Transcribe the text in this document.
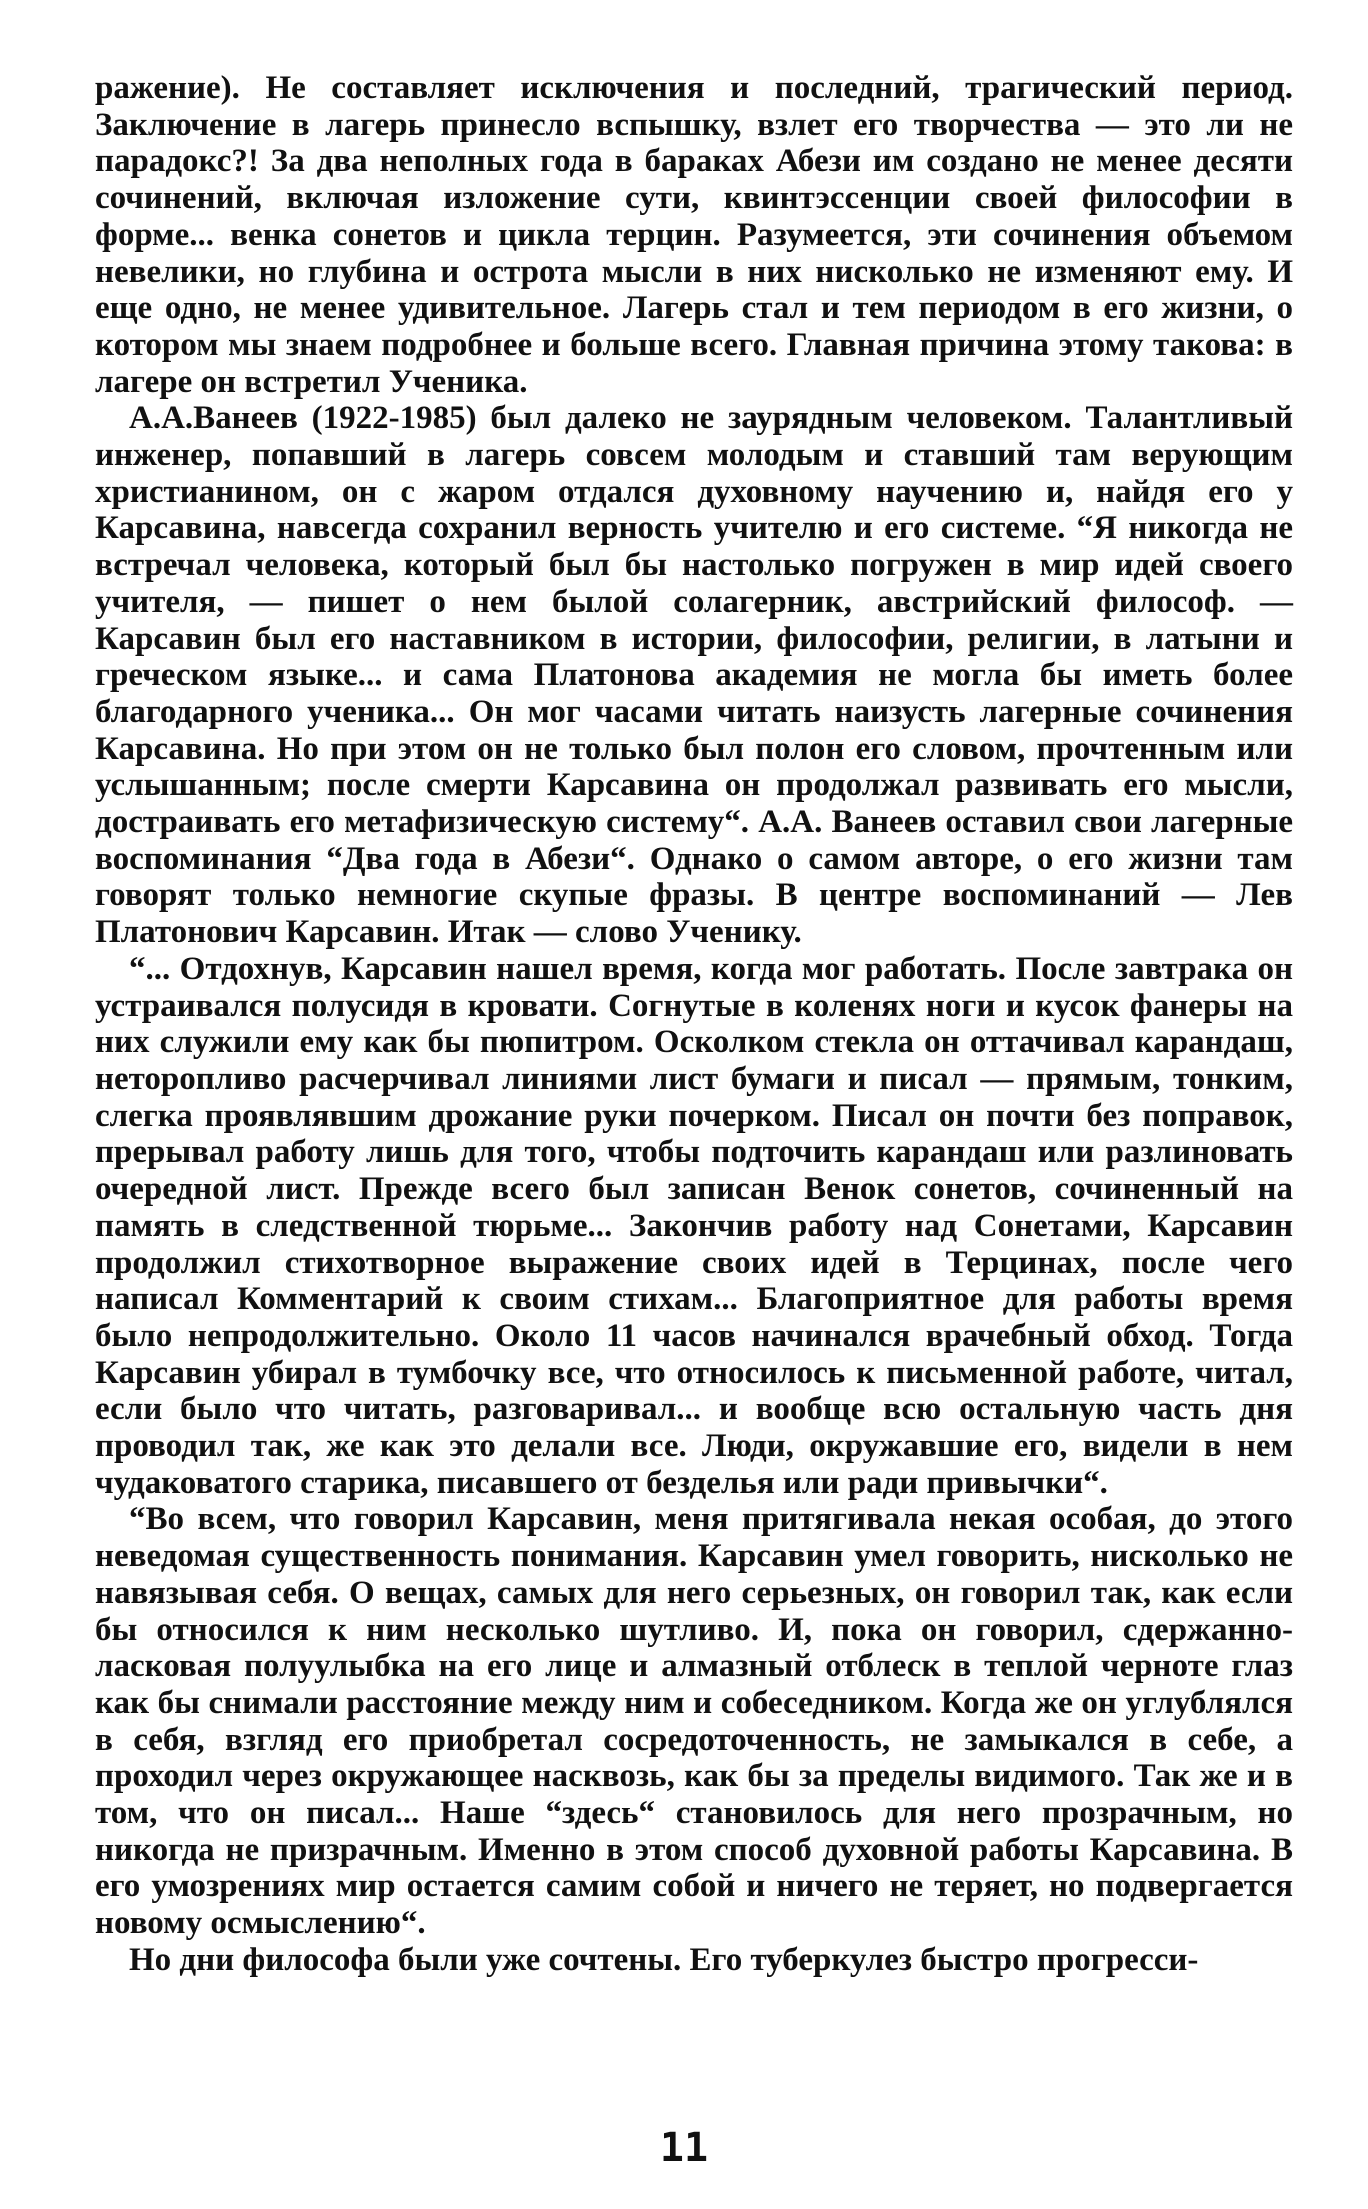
ражение). Не составляет исключения и последний, трагический период. Заключение в лагерь принесло вспышку, взлет его творчества — это ли не парадокс?! За два неполных года в бараках Абези им создано не менее десяти сочинений, включая изложение сути, квинтэссенции своей философии в форме... венка сонетов и цикла терцин. Разумеется, эти сочинения объемом невелики, но глубина и острота мысли в них нисколько не изменяют ему. И еще одно, не менее удивительное. Лагерь стал и тем периодом в его жизни, о котором мы знаем подробнее и больше всего. Главная причина этому такова: в лагере он встретил Ученика.

А.А.Ванеев (1922-1985) был далеко не заурядным человеком. Талантливый инженер, попавший в лагерь совсем молодым и ставший там верующим христианином, он с жаром отдался духовному научению и, найдя его у Карсавина, навсегда сохранил верность учителю и его системе. “Я никогда не встречал человека, который был бы настолько погружен в мир идей своего учителя, — пишет о нем былой солагерник, австрийский философ. — Карсавин был его наставником в истории, философии, религии, в латыни и греческом языке... и сама Платонова академия не могла бы иметь более благодарного ученика... Он мог часами читать наизусть лагерные сочинения Карсавина. Но при этом он не только был полон его словом, прочтенным или услышанным; после смерти Карсавина он продолжал развивать его мысли, достраивать его метафизическую систему“. А.А. Ванеев оставил свои лагерные воспоминания “Два года в Абези“. Однако о самом авторе, о его жизни там говорят только немногие скупые фразы. В центре воспоминаний — Лев Платонович Карсавин. Итак — слово Ученику.

“... Отдохнув, Карсавин нашел время, когда мог работать. После завтрака он устраивался полусидя в кровати. Согнутые в коленях ноги и кусок фанеры на них служили ему как бы пюпитром. Осколком стекла он оттачивал карандаш, неторопливо расчерчивал линиями лист бумаги и писал — прямым, тонким, слегка проявлявшим дрожание руки почерком. Писал он почти без поправок, прерывал работу лишь для того, чтобы подточить карандаш или разлиновать очередной лист. Прежде всего был записан Венок сонетов, сочиненный на память в следственной тюрьме... Закончив работу над Сонетами, Карсавин продолжил стихотворное выражение своих идей в Терцинах, после чего написал Комментарий к своим стихам... Благоприятное для работы время было непродолжительно. Около 11 часов начинался врачебный обход. Тогда Карсавин убирал в тумбочку все, что относилось к письменной работе, читал, если было что читать, разговаривал... и вообще всю остальную часть дня проводил так, же как это делали все. Люди, окружавшие его, видели в нем чудаковатого старика, писавшего от безделья или ради привычки“.

“Во всем, что говорил Карсавин, меня притягивала некая особая, до этого неведомая существенность понимания. Карсавин умел говорить, нисколько не навязывая себя. О вещах, самых для него серьезных, он говорил так, как если бы относился к ним несколько шутливо. И, пока он говорил, сдержанно-ласковая полуулыбка на его лице и алмазный отблеск в теплой черноте глаз как бы снимали расстояние между ним и собеседником. Когда же он углублялся в себя, взгляд его приобретал сосредоточенность, не замыкался в себе, а проходил через окружающее насквозь, как бы за пределы видимого. Так же и в том, что он писал... Наше “здесь“ становилось для него прозрачным, но никогда не призрачным. Именно в этом способ духовной работы Карсавина. В его умозрениях мир остается самим собой и ничего не теряет, но подвергается новому осмыслению“.

Но дни философа были уже сочтены. Его туберкулез быстро прогресси-

11
